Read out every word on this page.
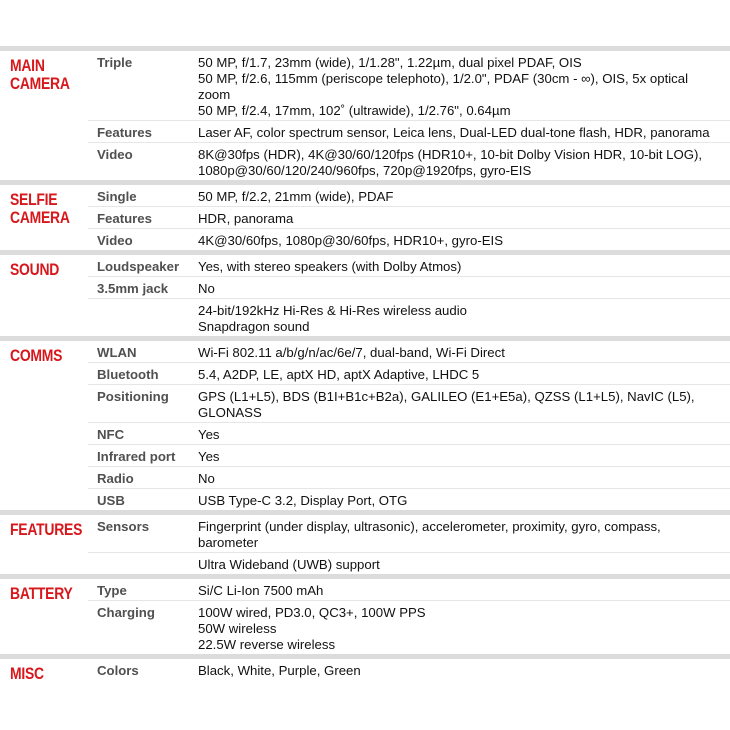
MAIN CAMERA
Triple	50 MP, f/1.7, 23mm (wide), 1/1.28", 1.22µm, dual pixel PDAF, OIS
50 MP, f/2.6, 115mm (periscope telephoto), 1/2.0", PDAF (30cm - ∞), OIS, 5x optical zoom
50 MP, f/2.4, 17mm, 102˚ (ultrawide), 1/2.76", 0.64µm
Features	Laser AF, color spectrum sensor, Leica lens, Dual-LED dual-tone flash, HDR, panorama
Video	8K@30fps (HDR), 4K@30/60/120fps (HDR10+, 10-bit Dolby Vision HDR, 10-bit LOG), 1080p@30/60/120/240/960fps, 720p@1920fps, gyro-EIS
SELFIE CAMERA
Single	50 MP, f/2.2, 21mm (wide), PDAF
Features	HDR, panorama
Video	4K@30/60fps, 1080p@30/60fps, HDR10+, gyro-EIS
SOUND	Loudspeaker	Yes, with stereo speakers (with Dolby Atmos)
3.5mm jack	No
24-bit/192kHz Hi-Res & Hi-Res wireless audio
Snapdragon sound
COMMS	WLAN	Wi-Fi 802.11 a/b/g/n/ac/6e/7, dual-band, Wi-Fi Direct
Bluetooth	5.4, A2DP, LE, aptX HD, aptX Adaptive, LHDC 5
Positioning	GPS (L1+L5), BDS (B1I+B1c+B2a), GALILEO (E1+E5a), QZSS (L1+L5), NavIC (L5), GLONASS
NFC	Yes
Infrared port	Yes
Radio	No
USB	USB Type-C 3.2, Display Port, OTG
FEATURES	Sensors	Fingerprint (under display, ultrasonic), accelerometer, proximity, gyro, compass, barometer
Ultra Wideband (UWB) support
BATTERY	Type	Si/C Li-Ion 7500 mAh
Charging	100W wired, PD3.0, QC3+, 100W PPS
50W wireless
22.5W reverse wireless
MISC	Colors	Black, White, Purple, Green
